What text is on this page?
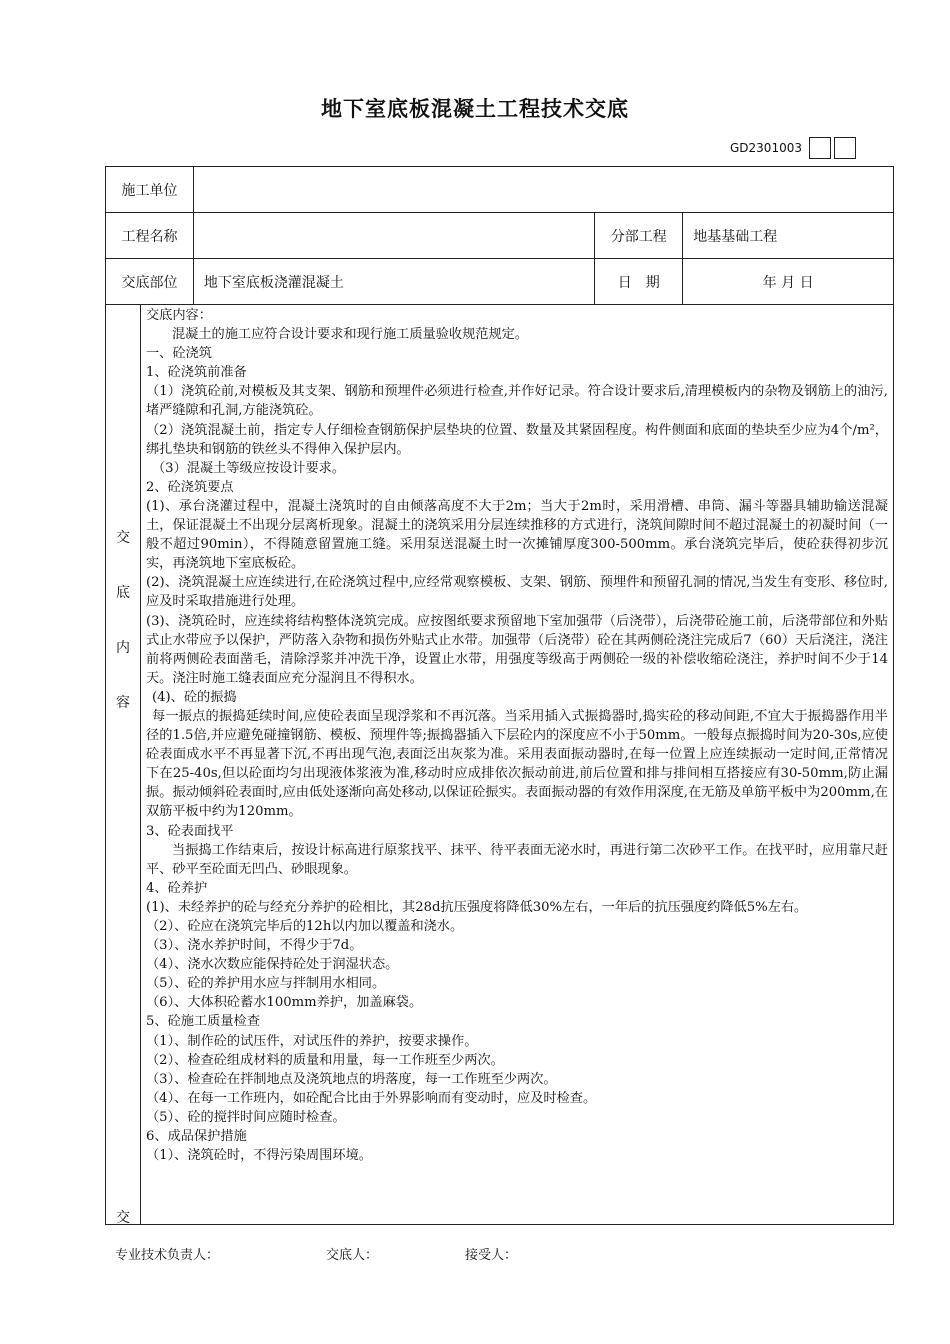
地下室底板混凝土工程技术交底
GD2301003
施工单位			
工程名称		分部工程	地基基础工程
交底部位	地下室底板浇灌混凝土	日　期	年 月 日
交
底
内
容
交

交底内容：

混凝土的施工应符合设计要求和现行施工质量验收规范规定。

一、砼浇筑

1、砼浇筑前准备

（1）浇筑砼前,对模板及其支架、钢筋和预埋件必须进行检查,并作好记录。符合设计要求后,清理模板内的杂物及钢筋上的油污,堵严缝隙和孔洞,方能浇筑砼。

（2）浇筑混凝土前，指定专人仔细检查钢筋保护层垫块的位置、数量及其紧固程度。构件侧面和底面的垫块至少应为4个/m²，绑扎垫块和钢筋的铁丝头不得伸入保护层内。

（3）混凝土等级应按设计要求。

2、砼浇筑要点

(1)、承台浇灌过程中，混凝土浇筑时的自由倾落高度不大于2m；当大于2m时，采用滑槽、串筒、漏斗等器具辅助输送混凝土，保证混凝土不出现分层离析现象。混凝土的浇筑采用分层连续推移的方式进行，浇筑间隙时间不超过混凝土的初凝时间（一般不超过90min），不得随意留置施工缝。采用泵送混凝土时一次摊铺厚度300-500mm。承台浇筑完毕后，使砼获得初步沉实，再浇筑地下室底板砼。

(2)、浇筑混凝土应连续进行,在砼浇筑过程中,应经常观察模板、支架、钢筋、预埋件和预留孔洞的情况,当发生有变形、移位时,应及时采取措施进行处理。

(3)、浇筑砼时，应连续将结构整体浇筑完成。应按图纸要求预留地下室加强带（后浇带），后浇带砼施工前，后浇带部位和外贴式止水带应予以保护，严防落入杂物和损伤外贴式止水带。加强带（后浇带）砼在其两侧砼浇注完成后7（60）天后浇注，浇注前将两侧砼表面凿毛，清除浮浆并冲洗干净，设置止水带，用强度等级高于两侧砼一级的补偿收缩砼浇注，养护时间不少于14天。浇注时施工缝表面应充分湿润且不得积水。

(4)、砼的振捣

每一振点的振捣延续时间,应使砼表面呈现浮浆和不再沉落。当采用插入式振捣器时,捣实砼的移动间距,不宜大于振捣器作用半径的1.5倍,并应避免碰撞钢筋、模板、预埋件等;振捣器插入下层砼内的深度应不小于50mm。一般每点振捣时间为20-30s,应使砼表面成水平不再显著下沉,不再出现气泡,表面泛出灰浆为准。采用表面振动器时,在每一位置上应连续振动一定时间,正常情况下在25-40s,但以砼面均匀出现液体浆液为准,移动时应成排依次振动前进,前后位置和排与排间相互搭接应有30-50mm,防止漏振。振动倾斜砼表面时,应由低处逐渐向高处移动,以保证砼振实。表面振动器的有效作用深度,在无筋及单筋平板中为200mm,在双筋平板中约为120mm。

3、砼表面找平

当振捣工作结束后，按设计标高进行原浆找平、抹平、待平表面无泌水时，再进行第二次砂平工作。在找平时，应用靠尺赶平、砂平至砼面无凹凸、砂眼现象。

4、砼养护

(1)、未经养护的砼与经充分养护的砼相比，其28d抗压强度将降低30%左右，一年后的抗压强度约降低5%左右。

（2）、砼应在浇筑完毕后的12h以内加以覆盖和浇水。

（3）、浇水养护时间，不得少于7d。

（4）、浇水次数应能保持砼处于润湿状态。

（5）、砼的养护用水应与拌制用水相同。

（6）、大体积砼蓄水100mm养护，加盖麻袋。

5、砼施工质量检查

（1）、制作砼的试压件，对试压件的养护，按要求操作。

（2）、检查砼组成材料的质量和用量，每一工作班至少两次。

（3）、检查砼在拌制地点及浇筑地点的坍落度，每一工作班至少两次。

（4）、在每一工作班内，如砼配合比由于外界影响而有变动时，应及时检查。

（5）、砼的搅拌时间应随时检查。

6、成品保护措施

（1）、浇筑砼时，不得污染周围环境。

专业技术负责人：	交底人：	接受人：
